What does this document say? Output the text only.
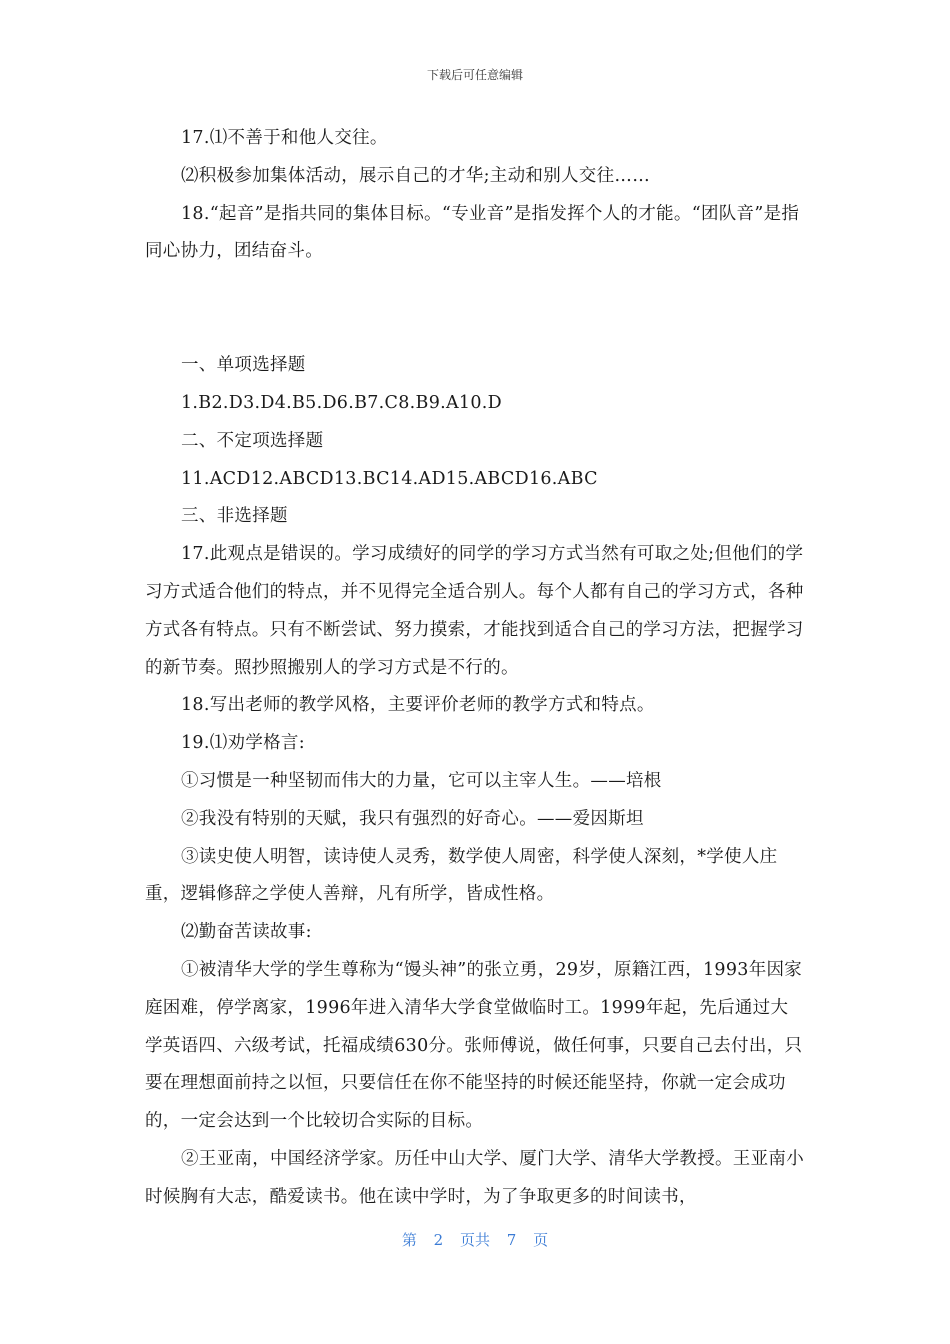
下载后可任意编辑

17.⑴不善于和他人交往。

⑵积极参加集体活动，展示自己的才华;主动和别人交往……

18.“起音”是指共同的集体目标。“专业音”是指发挥个人的才能。“团队音”是指同心协力，团结奋斗。

一、单项选择题

1.B2.D3.D4.B5.D6.B7.C8.B9.A10.D

二、不定项选择题

11.ACD12.ABCD13.BC14.AD15.ABCD16.ABC

三、非选择题

17.此观点是错误的。学习成绩好的同学的学习方式当然有可取之处;但他们的学习方式适合他们的特点，并不见得完全适合别人。每个人都有自己的学习方式，各种方式各有特点。只有不断尝试、努力摸索，才能找到适合自己的学习方法，把握学习的新节奏。照抄照搬别人的学习方式是不行的。

18.写出老师的教学风格，主要评价老师的教学方式和特点。

19.⑴劝学格言:

①习惯是一种坚韧而伟大的力量，它可以主宰人生。——培根

②我没有特别的天赋，我只有强烈的好奇心。——爱因斯坦

③读史使人明智，读诗使人灵秀，数学使人周密，科学使人深刻，*学使人庄重，逻辑修辞之学使人善辩，凡有所学，皆成性格。

⑵勤奋苦读故事:

①被清华大学的学生尊称为“馒头神”的张立勇，29岁，原籍江西，1993年因家庭困难，停学离家，1996年进入清华大学食堂做临时工。1999年起，先后通过大学英语四、六级考试，托福成绩630分。张师傅说，做任何事，只要自己去付出，只要在理想面前持之以恒，只要信任在你不能坚持的时候还能坚持，你就一定会成功的，一定会达到一个比较切合实际的目标。

②王亚南，中国经济学家。历任中山大学、厦门大学、清华大学教授。王亚南小时候胸有大志，酷爱读书。他在读中学时，为了争取更多的时间读书，

第 2 页共 7 页
